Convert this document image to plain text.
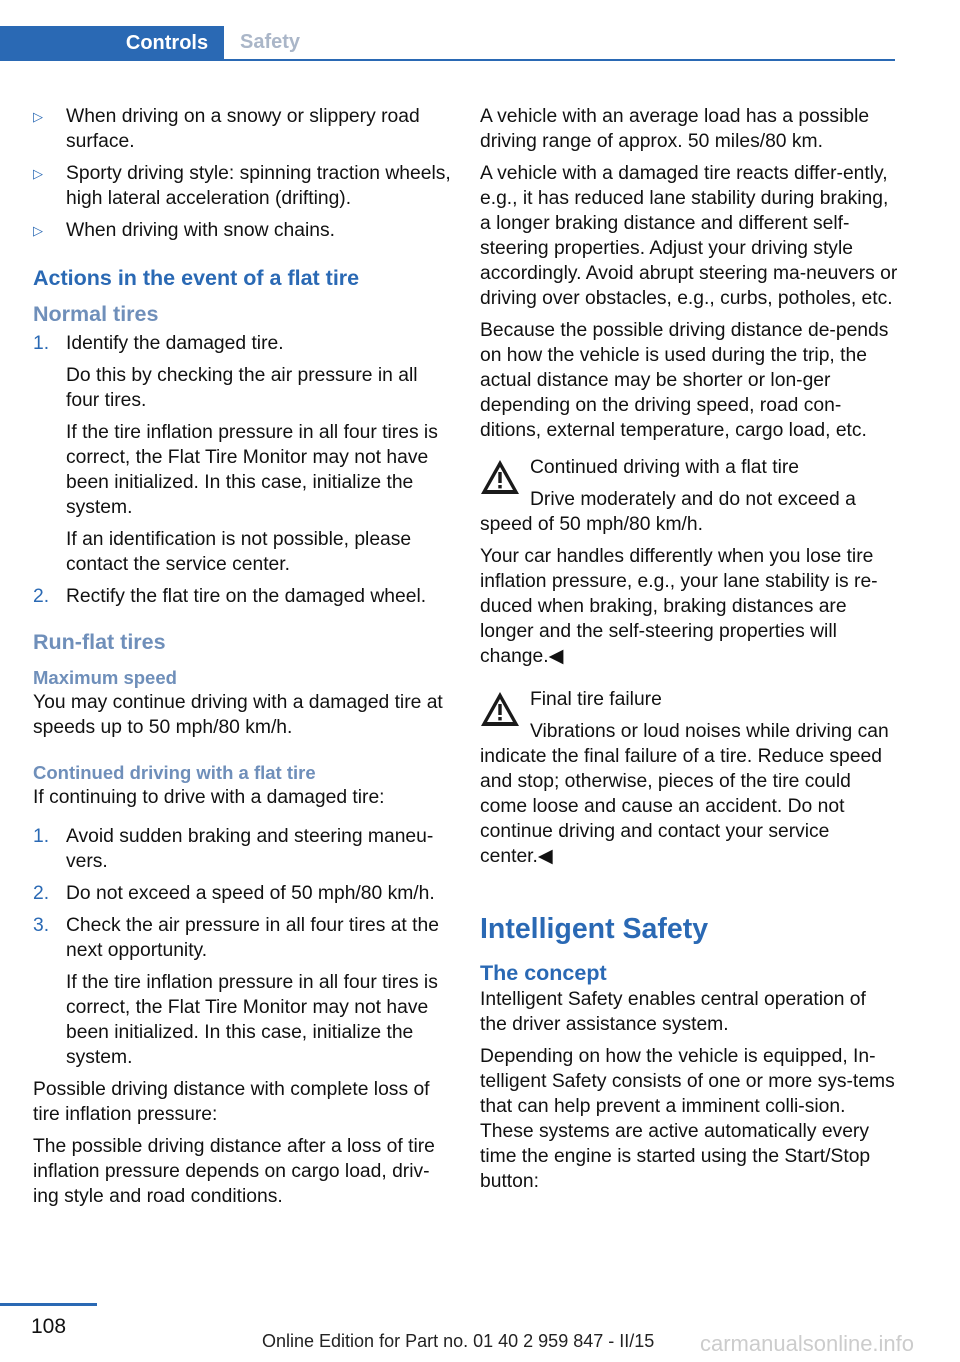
Controls	Safety
▷ When driving on a snowy or slippery road surface.
▷ Sporty driving style: spinning traction wheels, high lateral acceleration (drifting).
▷ When driving with snow chains.
Actions in the event of a flat tire
Normal tires
1. Identify the damaged tire.

Do this by checking the air pressure in all four tires.

If the tire inflation pressure in all four tires is correct, the Flat Tire Monitor may not have been initialized. In this case, initialize the system.

If an identification is not possible, please contact the service center.

2. Rectify the flat tire on the damaged wheel.
Run-flat tires
Maximum speed

You may continue driving with a damaged tire at speeds up to 50 mph/80 km/h.

Continued driving with a flat tire

If continuing to drive with a damaged tire:

1. Avoid sudden braking and steering maneu‐vers.
2. Do not exceed a speed of 50 mph/80 km/h.
3. Check the air pressure in all four tires at the next opportunity.

If the tire inflation pressure in all four tires is correct, the Flat Tire Monitor may not have been initialized. In this case, initialize the system.

Possible driving distance with complete loss of tire inflation pressure:

The possible driving distance after a loss of tire inflation pressure depends on cargo load, driv‐ing style and road conditions.

A vehicle with an average load has a possible driving range of approx. 50 miles/80 km.

A vehicle with a damaged tire reacts differ‐ently, e.g., it has reduced lane stability during braking, a longer braking distance and different self-steering properties. Adjust your driving style accordingly. Avoid abrupt steering ma‐neuvers or driving over obstacles, e.g., curbs, potholes, etc.

Because the possible driving distance de‐pends on how the vehicle is used during the trip, the actual distance may be shorter or lon‐ger depending on the driving speed, road con‐ditions, external temperature, cargo load, etc.

Continued driving with a flat tire
Drive moderately and do not exceed a speed of 50 mph/80 km/h.

Your car handles differently when you lose tire inflation pressure, e.g., your lane stability is re‐duced when braking, braking distances are longer and the self-steering properties will change.◀

Final tire failure
Vibrations or loud noises while driving can indicate the final failure of a tire. Reduce speed and stop; otherwise, pieces of the tire could come loose and cause an accident. Do not continue driving and contact your service center.◀
Intelligent Safety
The concept

Intelligent Safety enables central operation of the driver assistance system.

Depending on how the vehicle is equipped, In‐telligent Safety consists of one or more sys‐tems that can help prevent a imminent colli‐sion. These systems are active automatically every time the engine is started using the Start/Stop button:

108
Online Edition for Part no. 01 40 2 959 847 - II/15 carmanualsonline.info
